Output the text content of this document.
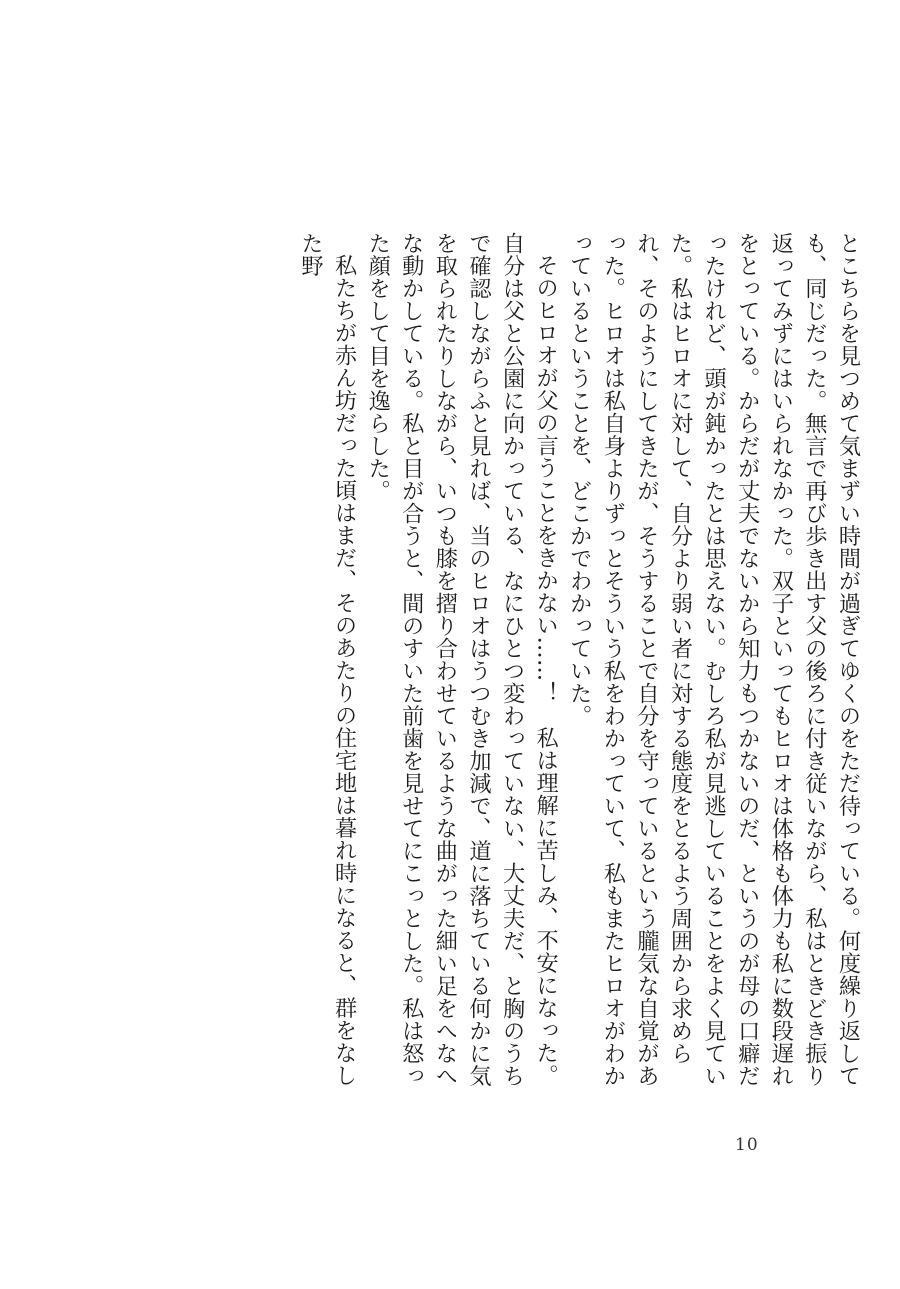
とこちらを見つめて気まずい時間が過ぎてゆくのをただ待っている。何度繰り返しても、同じだった。無言で再び歩き出す父の後ろに付き従いながら、私はときどき振り返ってみずにはいられなかった。双子といってもヒロオは体格も体力も私に数段遅れをとっている。からだが丈夫でないから知力もつかないのだ、というのが母の口癖だったけれど、頭が鈍かったとは思えない。むしろ私が見逃していることをよく見ていた。私はヒロオに対して、自分より弱い者に対する態度をとるよう周囲から求められ、そのようにしてきたが、そうすることで自分を守っているという朧気な自覚があった。ヒロオは私自身よりずっとそういう私をわかっていて、私もまたヒロオがわかっているということを、どこかでわかっていた。

そのヒロオが父の言うことをきかない……！　私は理解に苦しみ、不安になった。自分は父と公園に向かっている、なにひとつ変わっていない、大丈夫だ、と胸のうちで確認しながらふと見れば、当のヒロオはうつむき加減で、道に落ちている何かに気を取られたりしながら、いつも膝を摺り合わせているような曲がった細い足をへなへな動かしている。私と目が合うと、間のすいた前歯を見せてにこっとした。私は怒った顔をして目を逸らした。

私たちが赤ん坊だった頃はまだ、そのあたりの住宅地は暮れ時になると、群をなした野

10
